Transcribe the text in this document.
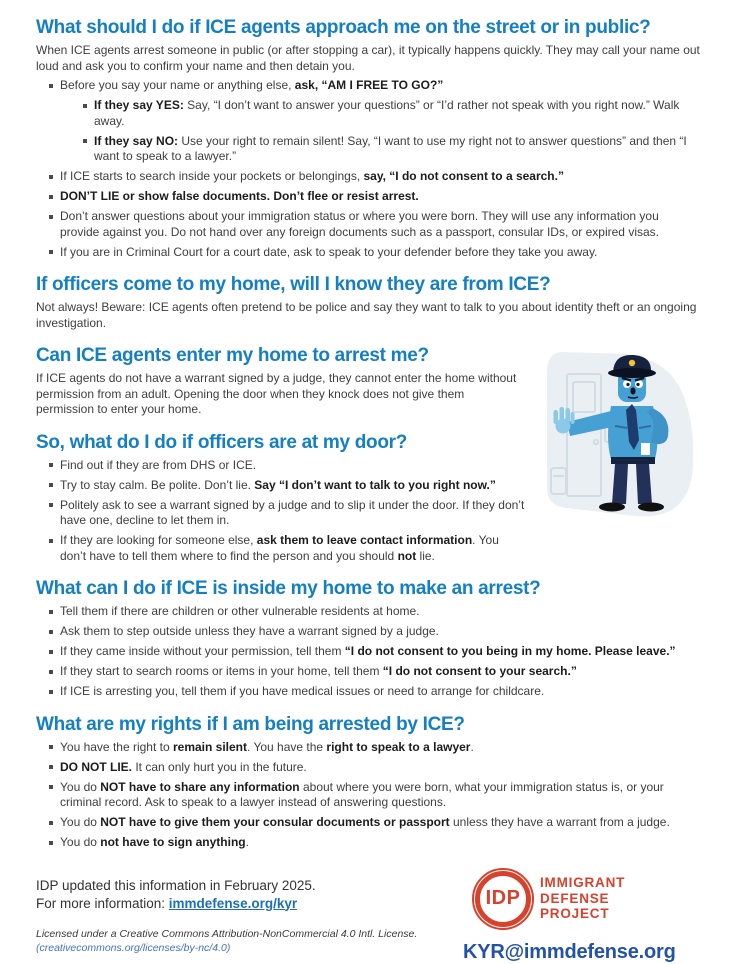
What should I do if ICE agents approach me on the street or in public?

When ICE agents arrest someone in public (or after stopping a car), it typically happens quickly. They may call your name out loud and ask you to confirm your name and then detain you.

Before you say your name or anything else, ask, “AM I FREE TO GO?”
If they say YES: Say, “I don’t want to answer your questions” or “I’d rather not speak with you right now.” Walk away.
If they say NO: Use your right to remain silent! Say, “I want to use my right not to answer questions” and then “I want to speak to a lawyer.”
If ICE starts to search inside your pockets or belongings, say, “I do not consent to a search.”
DON’T LIE or show false documents. Don’t flee or resist arrest.
Don’t answer questions about your immigration status or where you were born. They will use any information you provide against you. Do not hand over any foreign documents such as a passport, consular IDs, or expired visas.
If you are in Criminal Court for a court date, ask to speak to your defender before they take you away.
If officers come to my home, will I know they are from ICE?

Not always! Beware: ICE agents often pretend to be police and say they want to talk to you about identity theft or an ongoing investigation.

Can ICE agents enter my home to arrest me?

If ICE agents do not have a warrant signed by a judge, they cannot enter the home without permission from an adult. Opening the door when they knock does not give them permission to enter your home.

So, what do I do if officers are at my door?
Find out if they are from DHS or ICE.
Try to stay calm. Be polite. Don’t lie. Say “I don’t want to talk to you right now.”
Politely ask to see a warrant signed by a judge and to slip it under the door. If they don’t have one, decline to let them in.
If they are looking for someone else, ask them to leave contact information. You don’t have to tell them where to find the person and you should not lie.
What can I do if ICE is inside my home to make an arrest?
Tell them if there are children or other vulnerable residents at home.
Ask them to step outside unless they have a warrant signed by a judge.
If they came inside without your permission, tell them “I do not consent to you being in my home. Please leave.”
If they start to search rooms or items in your home, tell them “I do not consent to your search.”
If ICE is arresting you, tell them if you have medical issues or need to arrange for childcare.
What are my rights if I am being arrested by ICE?
You have the right to remain silent. You have the right to speak to a lawyer.
DO NOT LIE. It can only hurt you in the future.
You do NOT have to share any information about where you were born, what your immigration status is, or your criminal record. Ask to speak to a lawyer instead of answering questions.
You do NOT have to give them your consular documents or passport unless they have a warrant from a judge.
You do not have to sign anything.
IDP updated this information in February 2025.
For more information: immdefense.org/kyr
Licensed under a Creative Commons Attribution-NonCommercial 4.0 Intl. License.
(creativecommons.org/licenses/by-nc/4.0)
IDP
IMMIGRANT
DEFENSE
PROJECT
KYR@immdefense.org
